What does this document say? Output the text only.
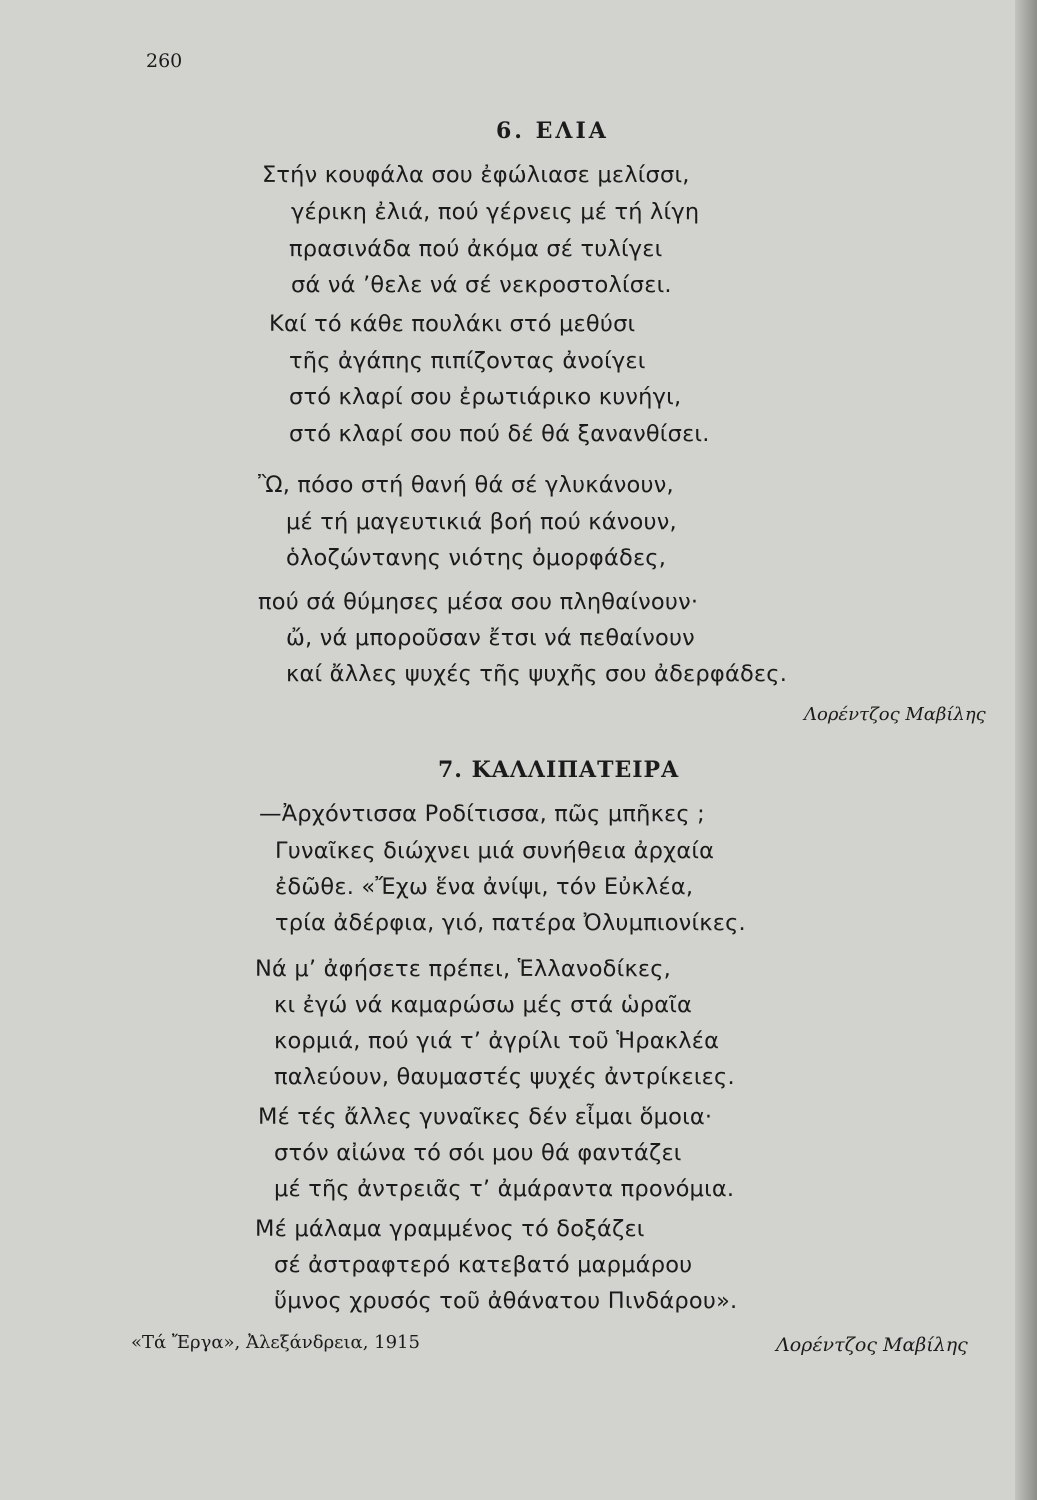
260
6. ΕΛΙΑ
Στήν κουφάλα σου ἐφώλιασε μελίσσι,
γέρικη ἐλιά, πού γέρνεις μέ τή λίγη
πρασινάδα πού ἀκόμα σέ τυλίγει
σά νά ’θελε νά σέ νεκροστολίσει.
Καί τό κάθε πουλάκι στό μεθύσι
τῆς ἀγάπης πιπίζοντας ἀνοίγει
στό κλαρί σου ἐρωτιάρικο κυνήγι,
στό κλαρί σου πού δέ θά ξανανθίσει.
Ὢ, πόσο στή θανή θά σέ γλυκάνουν,
μέ τή μαγευτικιά βοή πού κάνουν,
ὁλοζώντανης νιότης ὀμορφάδες,
πού σά θύμησες μέσα σου πληθαίνουν·
ὤ, νά μποροῦσαν ἔτσι νά πεθαίνουν
καί ἄλλες ψυχές τῆς ψυχῆς σου ἀδερφάδες.
Λορέντζος Μαβίλης
7. ΚΑΛΛΙΠΑΤΕΙΡΑ
—Ἀρχόντισσα Ροδίτισσα, πῶς μπῆκες ;
Γυναῖκες διώχνει μιά συνήθεια ἀρχαία
ἐδῶθε. «Ἔχω ἕνα ἀνίψι, τόν Εὐκλέα,
τρία ἀδέρφια, γιό, πατέρα Ὀλυμπιονίκες.
Νά μ’ ἀφήσετε πρέπει, Ἑλλανοδίκες,
κι ἐγώ νά καμαρώσω μές στά ὡραῖα
κορμιά, πού γιά τ’ ἀγρίλι τοῦ Ἡρακλέα
παλεύουν, θαυμαστές ψυχές ἀντρίκειες.
Μέ τές ἄλλες γυναῖκες δέν εἶμαι ὅμοια·
στόν αἰώνα τό σόι μου θά φαντάζει
μέ τῆς ἀντρειᾶς τ’ ἀμάραντα προνόμια.
Μέ μάλαμα γραμμένος τό δοξάζει
σέ ἀστραφτερό κατεβατό μαρμάρου
ὕμνος χρυσός τοῦ ἀθάνατου Πινδάρου».
«Τά Ἔργα», Ἀλεξάνδρεια, 1915	Λορέντζος Μαβίλης
